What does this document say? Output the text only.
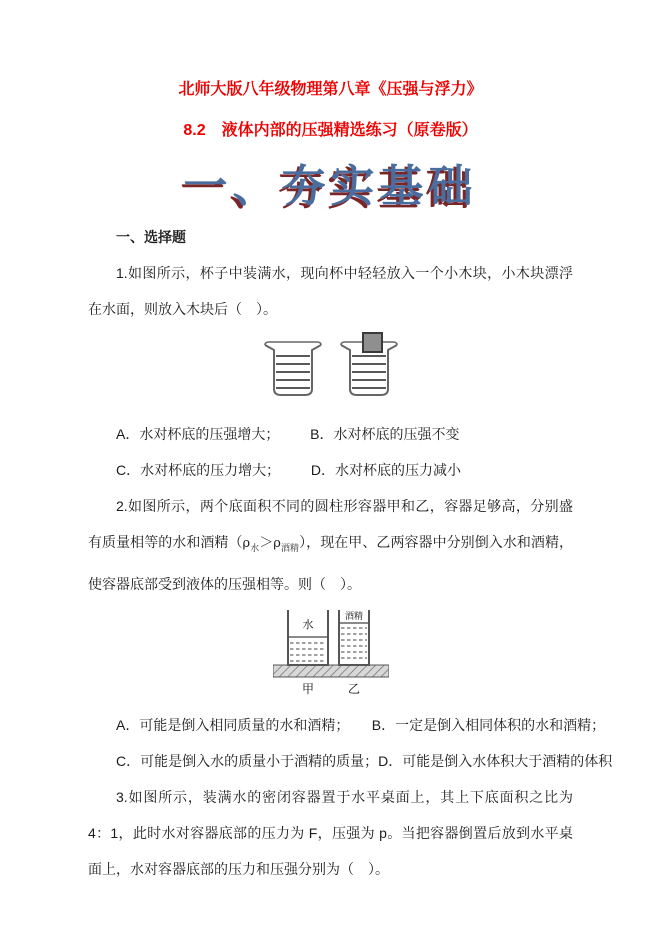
北师大版八年级物理第八章《压强与浮力》

8.2　液体内部的压强精选练习（原卷版）

一、夯实基础
一、选择题

1.如图所示，杯子中装满水，现向杯中轻轻放入一个小木块，小木块漂浮在水面，则放入木块后（　）。

A．水对杯底的压强增大； B．水对杯底的压强不变

C．水对杯底的压力增大； D．水对杯底的压力减小

2.如图所示，两个底面积不同的圆柱形容器甲和乙，容器足够高，分别盛有质量相等的水和酒精$(\rho_水>\rho_{酒精})$，现在甲、乙两容器中分别倒入水和酒精，使容器底部受到液体的压强相等。则（　）。

水
酒精
甲	乙

A．可能是倒入相同质量的水和酒精； B．一定是倒入相同体积的水和酒精；

C．可能是倒入水的质量小于酒精的质量；D．可能是倒入水体积大于酒精的体积

3.如图所示，装满水的密闭容器置于水平桌面上，其上下底面积之比为 4：1，此时水对容器底部的压力为 F，压强为 p。当把容器倒置后放到水平桌面上，水对容器底部的压力和压强分别为（　）。
